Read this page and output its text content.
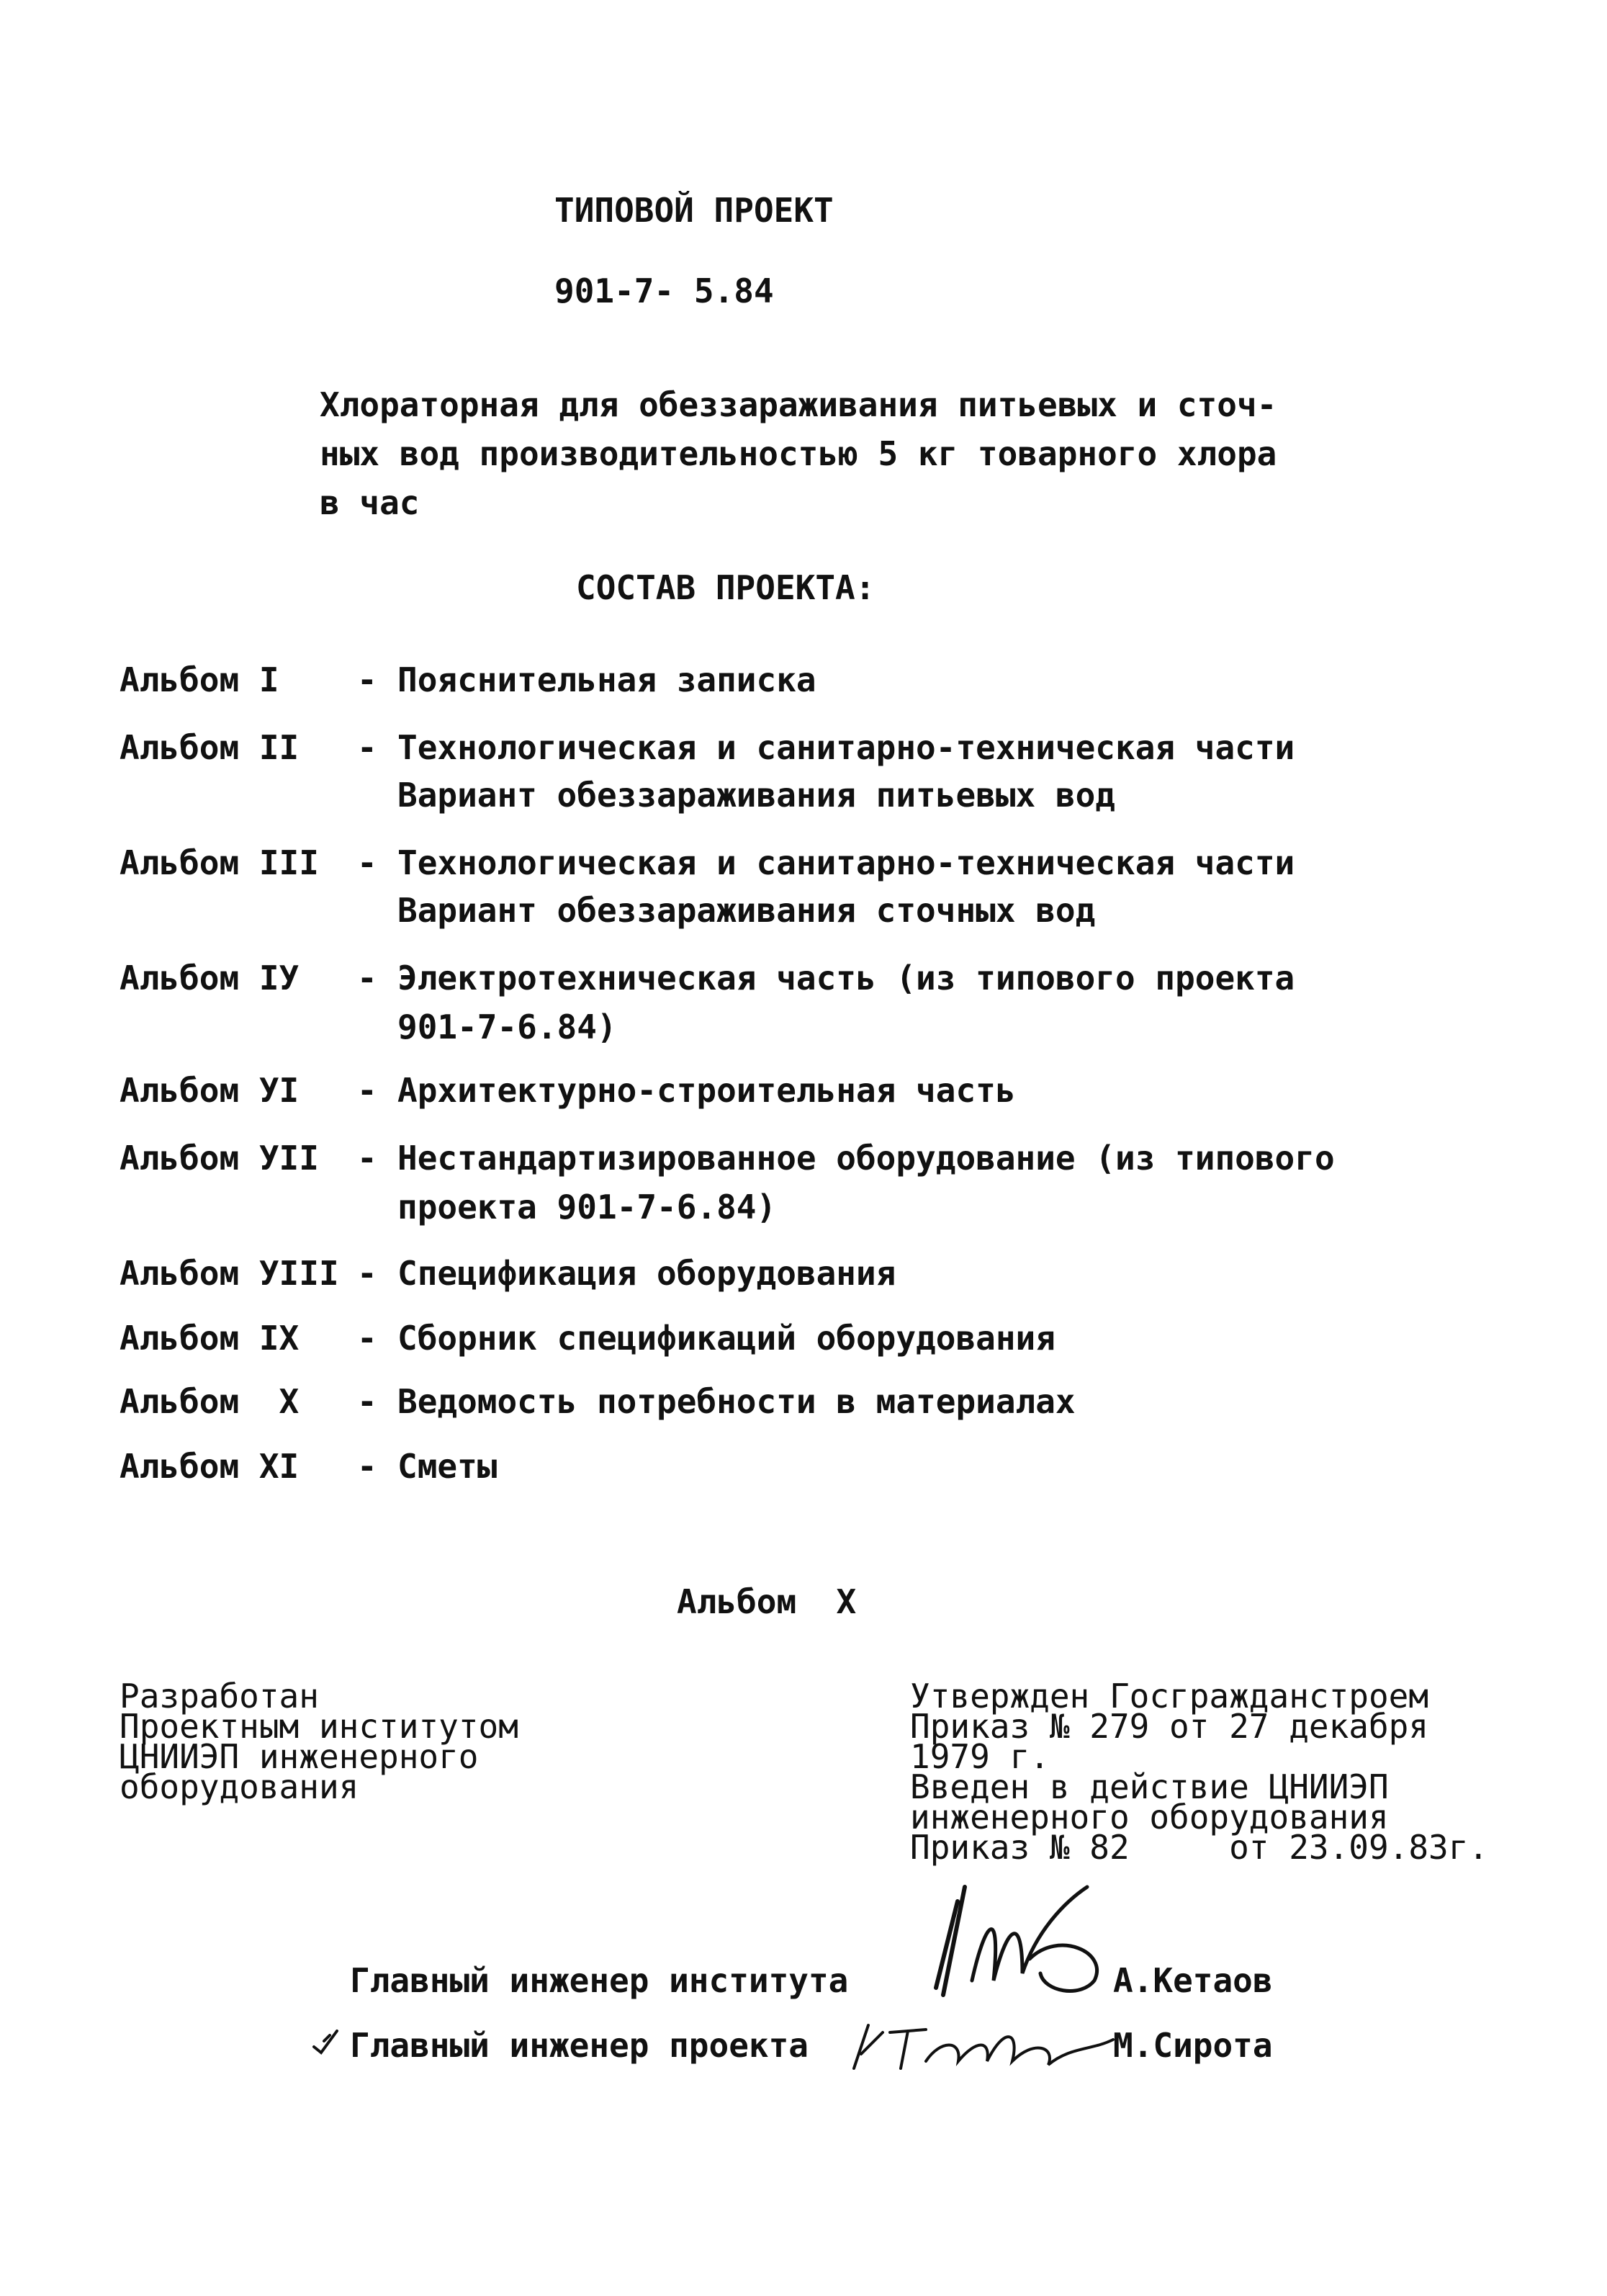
ТИПОВОЙ ПРОЕКТ
901-7- 5.84
Хлораторная для обеззараживания питьевых и сточ-
ных вод производительностью 5 кг товарного хлора
в час
СОСТАВ ПРОЕКТА:
Альбом I - Пояснительная записка
Альбом II - Технологическая и санитарно-техническая части
Вариант обеззараживания питьевых вод
Альбом III - Технологическая и санитарно-техническая части
Вариант обеззараживания сточных вод
Альбом IУ - Электротехническая часть (из типового проекта
901-7-6.84)
Альбом УI - Архитектурно-строительная часть
Альбом УII - Нестандартизированное оборудование (из типового
проекта 901-7-6.84)
Альбом УIII - Спецификация оборудования
Альбом IX - Сборник спецификаций оборудования
Альбом  X - Ведомость потребности в материалах
Альбом XI - Сметы
Альбом  X
Разработан
Проектным институтом
ЦНИИЭП инженерного
оборудования
Утвержден Госгражданстроем
Приказ № 279 от 27 декабря
1979 г.
Введен в действие ЦНИИЭП
инженерного оборудования
Приказ № 82     от 23.09.83г.
Главный инженер института	А.Кетаов
Главный инженер проекта	М.Сирота
